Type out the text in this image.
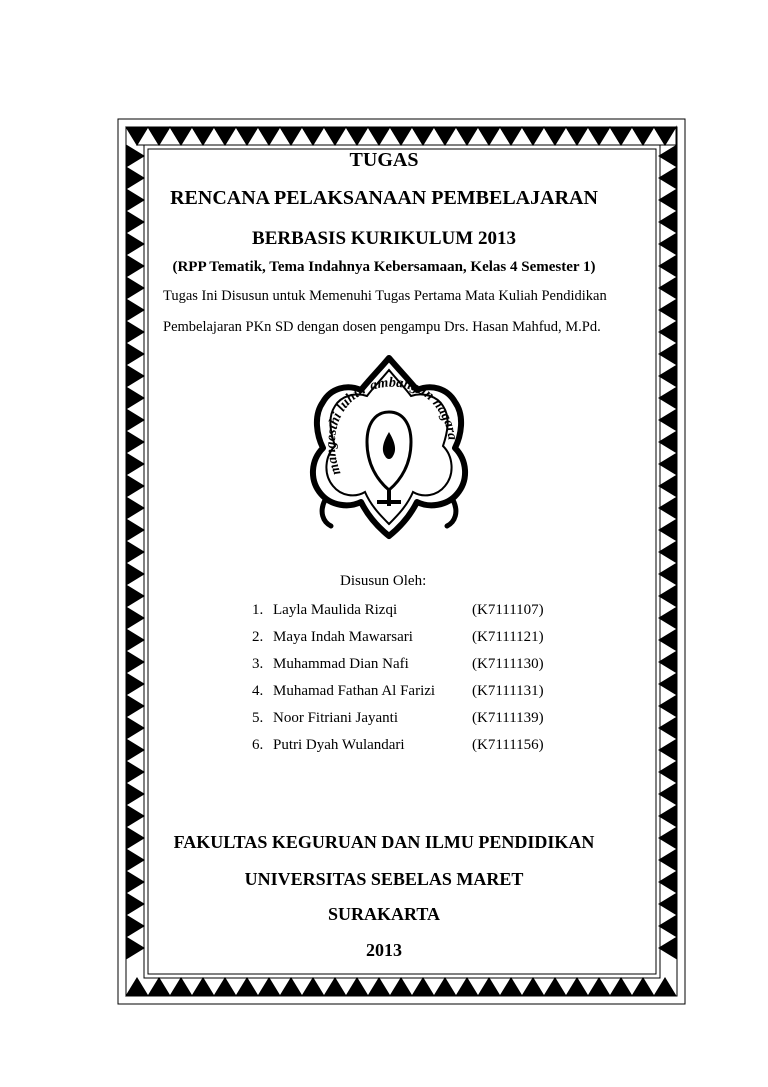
TUGAS
RENCANA PELAKSANAAN PEMBELAJARAN
BERBASIS KURIKULUM 2013
(RPP Tematik, Tema Indahnya Kebersamaan, Kelas 4 Semester 1)
Tugas Ini Disusun untuk Memenuhi Tugas Pertama Mata Kuliah Pendidikan
Pembelajaran PKn SD dengan dosen pengampu Drs. Hasan Mahfud, M.Pd.
mangesthi luhur ambangun nagara
Disusun Oleh:
1. Layla Maulida Rizqi	(K7111107)
2. Maya Indah Mawarsari	(K7111121)
3. Muhammad Dian Nafi	(K7111130)
4. Muhamad Fathan Al Farizi (K7111131)
5. Noor Fitriani Jayanti	(K7111139)
6. Putri Dyah Wulandari	(K7111156)
FAKULTAS KEGURUAN DAN ILMU PENDIDIKAN
UNIVERSITAS SEBELAS MARET
SURAKARTA
2013
